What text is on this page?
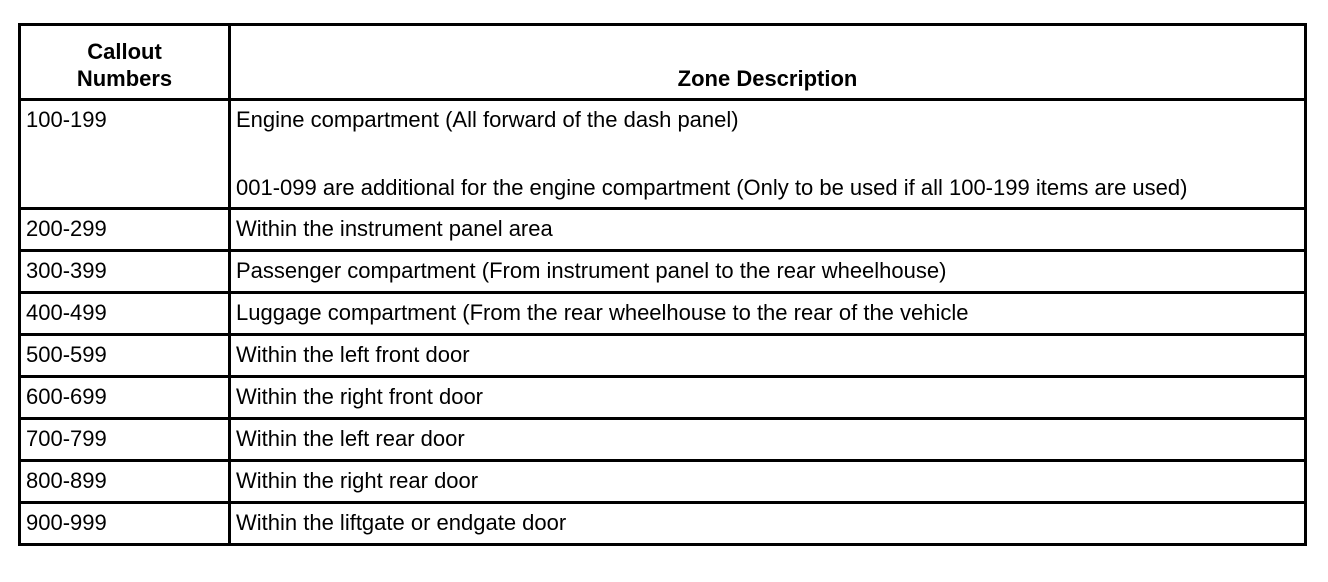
Callout
Numbers	Zone Description
100-199	Engine compartment (All forward of the dash panel)
001-099 are additional for the engine compartment (Only to be used if all 100-199 items are used)

200-299	Within the instrument panel area
300-399	Passenger compartment (From instrument panel to the rear wheelhouse)
400-499	Luggage compartment (From the rear wheelhouse to the rear of the vehicle
500-599	Within the left front door
600-699	Within the right front door
700-799	Within the left rear door
800-899	Within the right rear door
900-999	Within the liftgate or endgate door
